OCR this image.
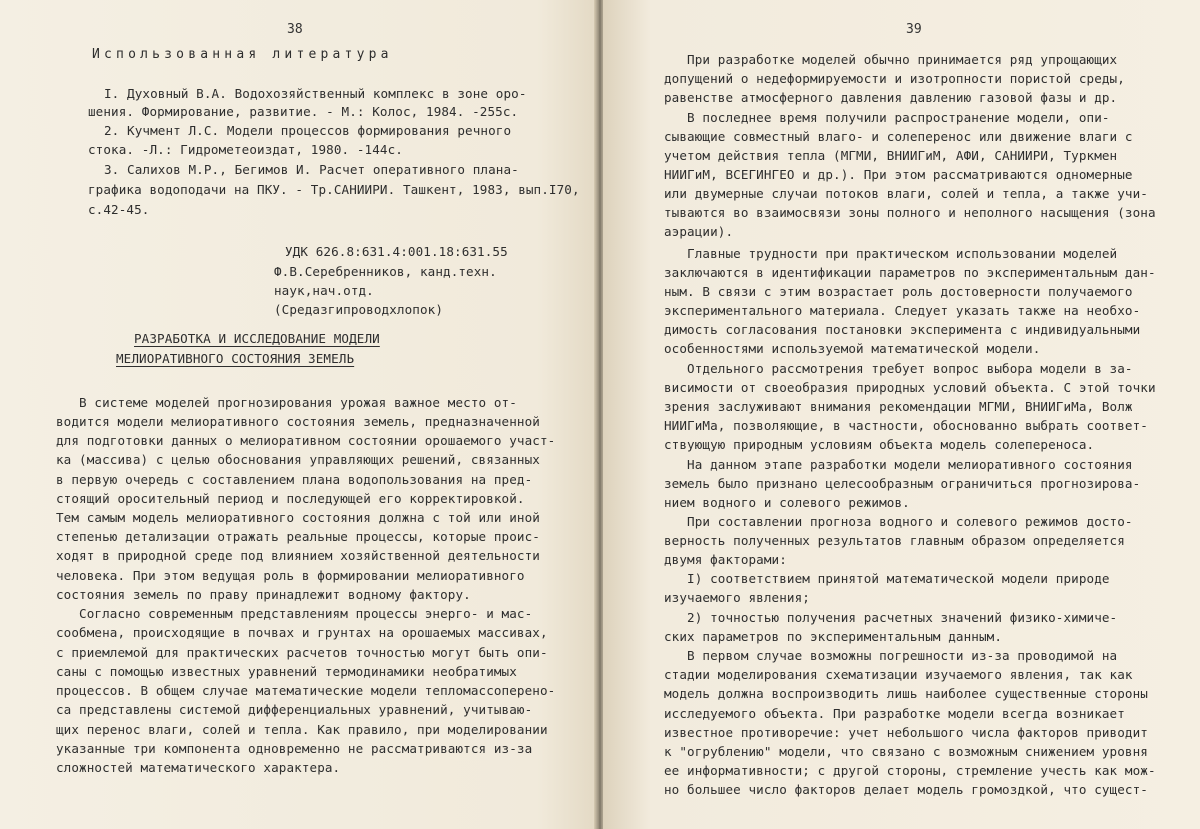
38
Использованная литература
I. Духовный В.А. Водохозяйственный комплекс в зоне оро-
шения. Формирование, развитие. - М.: Колос, 1984. -255с.
2. Кучмент Л.С. Модели процессов формирования речного
стока. -Л.: Гидрометеоиздат, 1980. -144с.
3. Салихов М.Р., Бегимов И. Расчет оперативного плана-
графика водоподачи на ПКУ. - Тр.САНИИРИ. Ташкент, 1983, вып.I70,
с.42-45.
УДК 626.8:631.4:001.18:631.55
Ф.В.Серебренников, канд.техн.
наук,нач.отд.
(Средазгипроводхлопок)
РАЗРАБОТКА И ИССЛЕДОВАНИЕ МОДЕЛИ
МЕЛИОРАТИВНОГО СОСТОЯНИЯ ЗЕМЕЛЬ
В системе моделей прогнозирования урожая важное место от-
водится модели мелиоративного состояния земель, предназначенной
для подготовки данных о мелиоративном состоянии орошаемого участ-
ка (массива) с целью обоснования управляющих решений, связанных
в первую очередь с составлением плана водопользования на пред-
стоящий оросительный период и последующей его корректировкой.
Тем самым модель мелиоративного состояния должна с той или иной
степенью детализации отражать реальные процессы, которые проис-
ходят в природной среде под влиянием хозяйственной деятельности
человека. При этом ведущая роль в формировании мелиоративного
состояния земель по праву принадлежит водному фактору.
Согласно современным представлениям процессы энерго- и мас-
сообмена, происходящие в почвах и грунтах на орошаемых массивах,
с приемлемой для практических расчетов точностью могут быть опи-
саны с помощью известных уравнений термодинамики необратимых
процессов. В общем случае математические модели тепломассоперено-
са представлены системой дифференциальных уравнений, учитываю-
щих перенос влаги, солей и тепла. Как правило, при моделировании
указанные три компонента одновременно не рассматриваются из-за
сложностей математического характера.
39
При разработке моделей обычно принимается ряд упрощающих
допущений о недеформируемости и изотропности пористой среды,
равенстве атмосферного давления давлению газовой фазы и др.
В последнее время получили распространение модели, опи-
сывающие совместный влаго- и солеперенос или движение влаги с
учетом действия тепла (МГМИ, ВНИИГиМ, АФИ, САНИИРИ, Туркмен
НИИГиМ, ВСЕГИНГЕО и др.). При этом рассматриваются одномерные
или двумерные случаи потоков влаги, солей и тепла, а также учи-
тываются во взаимосвязи зоны полного и неполного насыщения (зона
аэрации).
Главные трудности при практическом использовании моделей
заключаются в идентификации параметров по экспериментальным дан-
ным. В связи с этим возрастает роль достоверности получаемого
экспериментального материала. Следует указать также на необхо-
димость согласования постановки эксперимента с индивидуальными
особенностями используемой математической модели.
Отдельного рассмотрения требует вопрос выбора модели в за-
висимости от своеобразия природных условий объекта. С этой точки
зрения заслуживают внимания рекомендации МГМИ, ВНИИГиМа, Волж
НИИГиМа, позволяющие, в частности, обоснованно выбрать соответ-
ствующую природным условиям объекта модель солепереноса.
На данном этапе разработки модели мелиоративного состояния
земель было признано целесообразным ограничиться прогнозирова-
нием водного и солевого режимов.
При составлении прогноза водного и солевого режимов досто-
верность полученных результатов главным образом определяется
двумя факторами:
I) соответствием принятой математической модели природе
изучаемого явления;
2) точностью получения расчетных значений физико-химиче-
ских параметров по экспериментальным данным.
В первом случае возможны погрешности из-за проводимой на
стадии моделирования схематизации изучаемого явления, так как
модель должна воспроизводить лишь наиболее существенные стороны
исследуемого объекта. При разработке модели всегда возникает
известное противоречие: учет небольшого числа факторов приводит
к "огрублению" модели, что связано с возможным снижением уровня
ее информативности; с другой стороны, стремление учесть как мож-
но большее число факторов делает модель громоздкой, что сущест-
